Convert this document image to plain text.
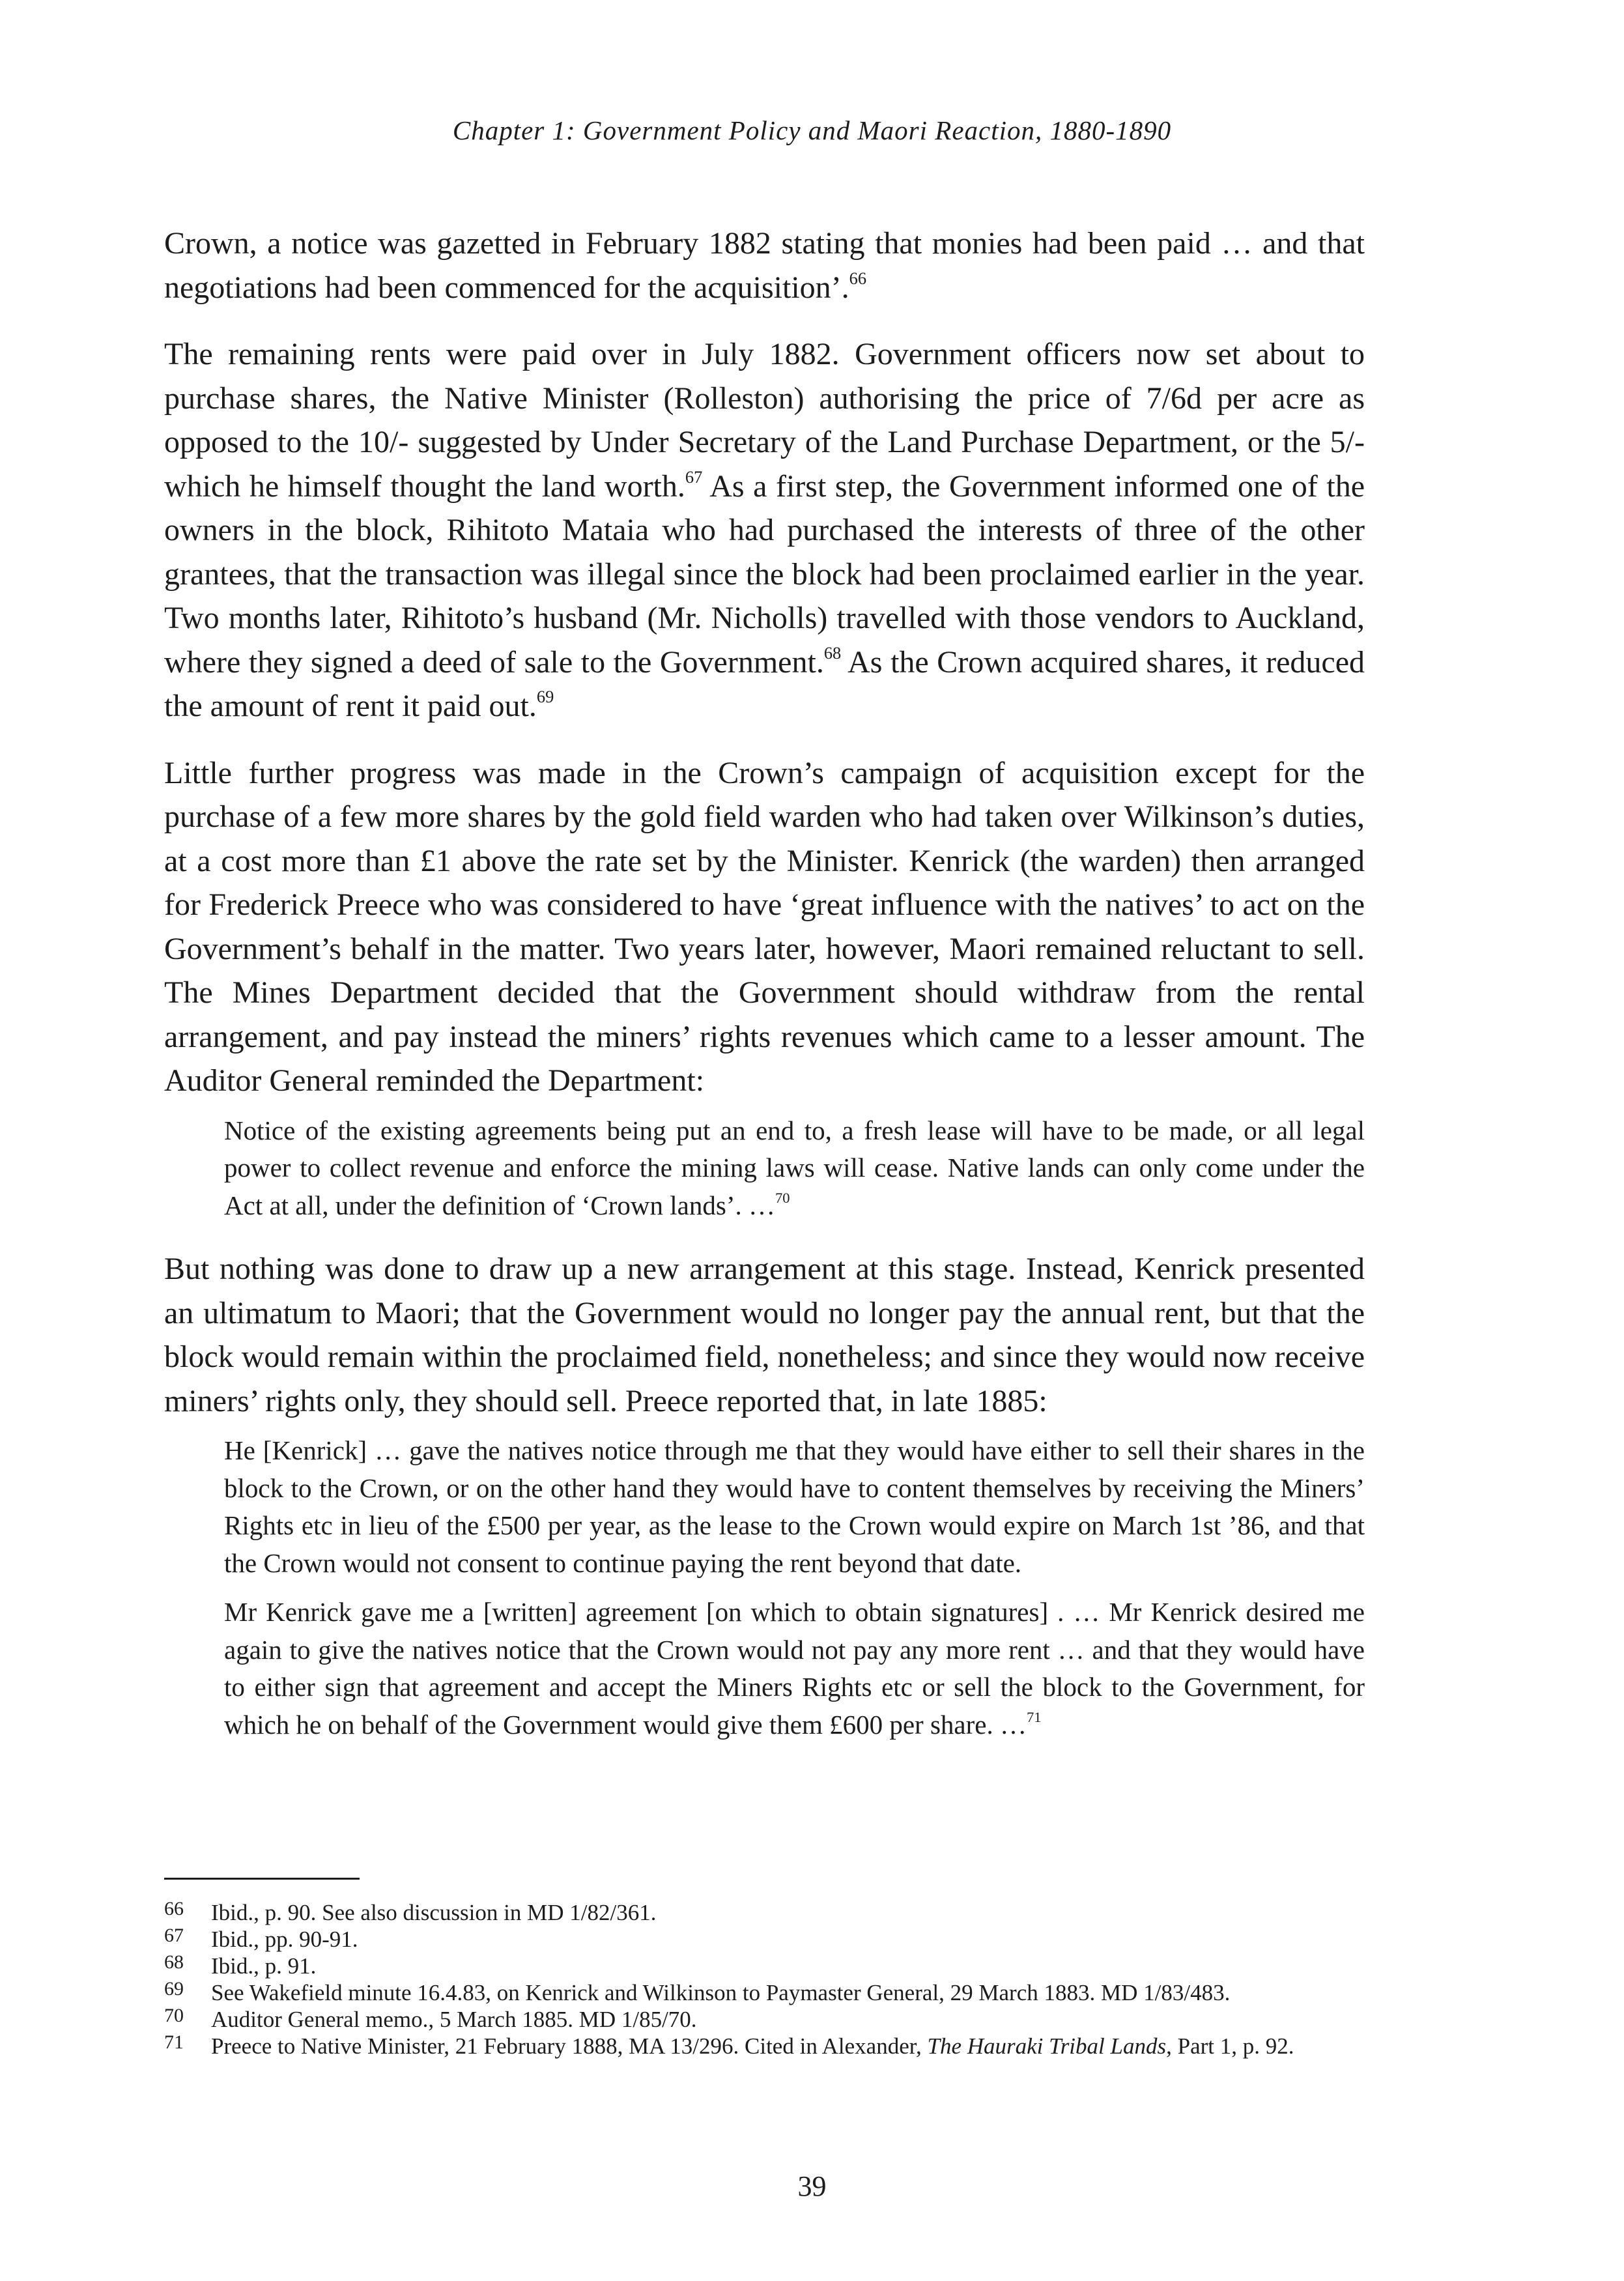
Chapter 1: Government Policy and Maori Reaction, 1880-1890

Crown, a notice was gazetted in February 1882 stating that monies had been paid … and that negotiations had been commenced for the acquisition’.$^{66}$

The remaining rents were paid over in July 1882. Government officers now set about to purchase shares, the Native Minister (Rolleston) authorising the price of 7/6d per acre as opposed to the 10/- suggested by Under Secretary of the Land Purchase Department, or the 5/- which he himself thought the land worth.$^{67}$ As a first step, the Government informed one of the owners in the block, Rihitoto Mataia who had purchased the interests of three of the other grantees, that the transaction was illegal since the block had been proclaimed earlier in the year. Two months later, Rihitoto’s husband (Mr. Nicholls) travelled with those vendors to Auckland, where they signed a deed of sale to the Government.$^{68}$ As the Crown acquired shares, it reduced the amount of rent it paid out.$^{69}$

Little further progress was made in the Crown’s campaign of acquisition except for the purchase of a few more shares by the gold field warden who had taken over Wilkinson’s duties, at a cost more than £1 above the rate set by the Minister. Kenrick (the warden) then arranged for Frederick Preece who was considered to have ‘great influence with the natives’ to act on the Government’s behalf in the matter. Two years later, however, Maori remained reluctant to sell. The Mines Department decided that the Government should withdraw from the rental arrangement, and pay instead the miners’ rights revenues which came to a lesser amount. The Auditor General reminded the Department:

Notice of the existing agreements being put an end to, a fresh lease will have to be made, or all legal power to collect revenue and enforce the mining laws will cease. Native lands can only come under the Act at all, under the definition of ‘Crown lands’. …$^{70}$

But nothing was done to draw up a new arrangement at this stage. Instead, Kenrick presented an ultimatum to Maori; that the Government would no longer pay the annual rent, but that the block would remain within the proclaimed field, nonetheless; and since they would now receive miners’ rights only, they should sell. Preece reported that, in late 1885:

He [Kenrick] … gave the natives notice through me that they would have either to sell their shares in the block to the Crown, or on the other hand they would have to content themselves by receiving the Miners’ Rights etc in lieu of the £500 per year, as the lease to the Crown would expire on March 1st ’86, and that the Crown would not consent to continue paying the rent beyond that date.

Mr Kenrick gave me a [written] agreement [on which to obtain signatures] . … Mr Kenrick desired me again to give the natives notice that the Crown would not pay any more rent … and that they would have to either sign that agreement and accept the Miners Rights etc or sell the block to the Government, for which he on behalf of the Government would give them £600 per share. …$^{71}$

66	Ibid., p. 90. See also discussion in MD 1/82/361.
67	Ibid., pp. 90-91.
68	Ibid., p. 91.
69	See Wakefield minute 16.4.83, on Kenrick and Wilkinson to Paymaster General, 29 March 1883. MD 1/83/483.
70	Auditor General memo., 5 March 1885. MD 1/85/70.
71	Preece to Native Minister, 21 February 1888, MA 13/296. Cited in Alexander, The Hauraki Tribal Lands, Part 1, p. 92.
39
